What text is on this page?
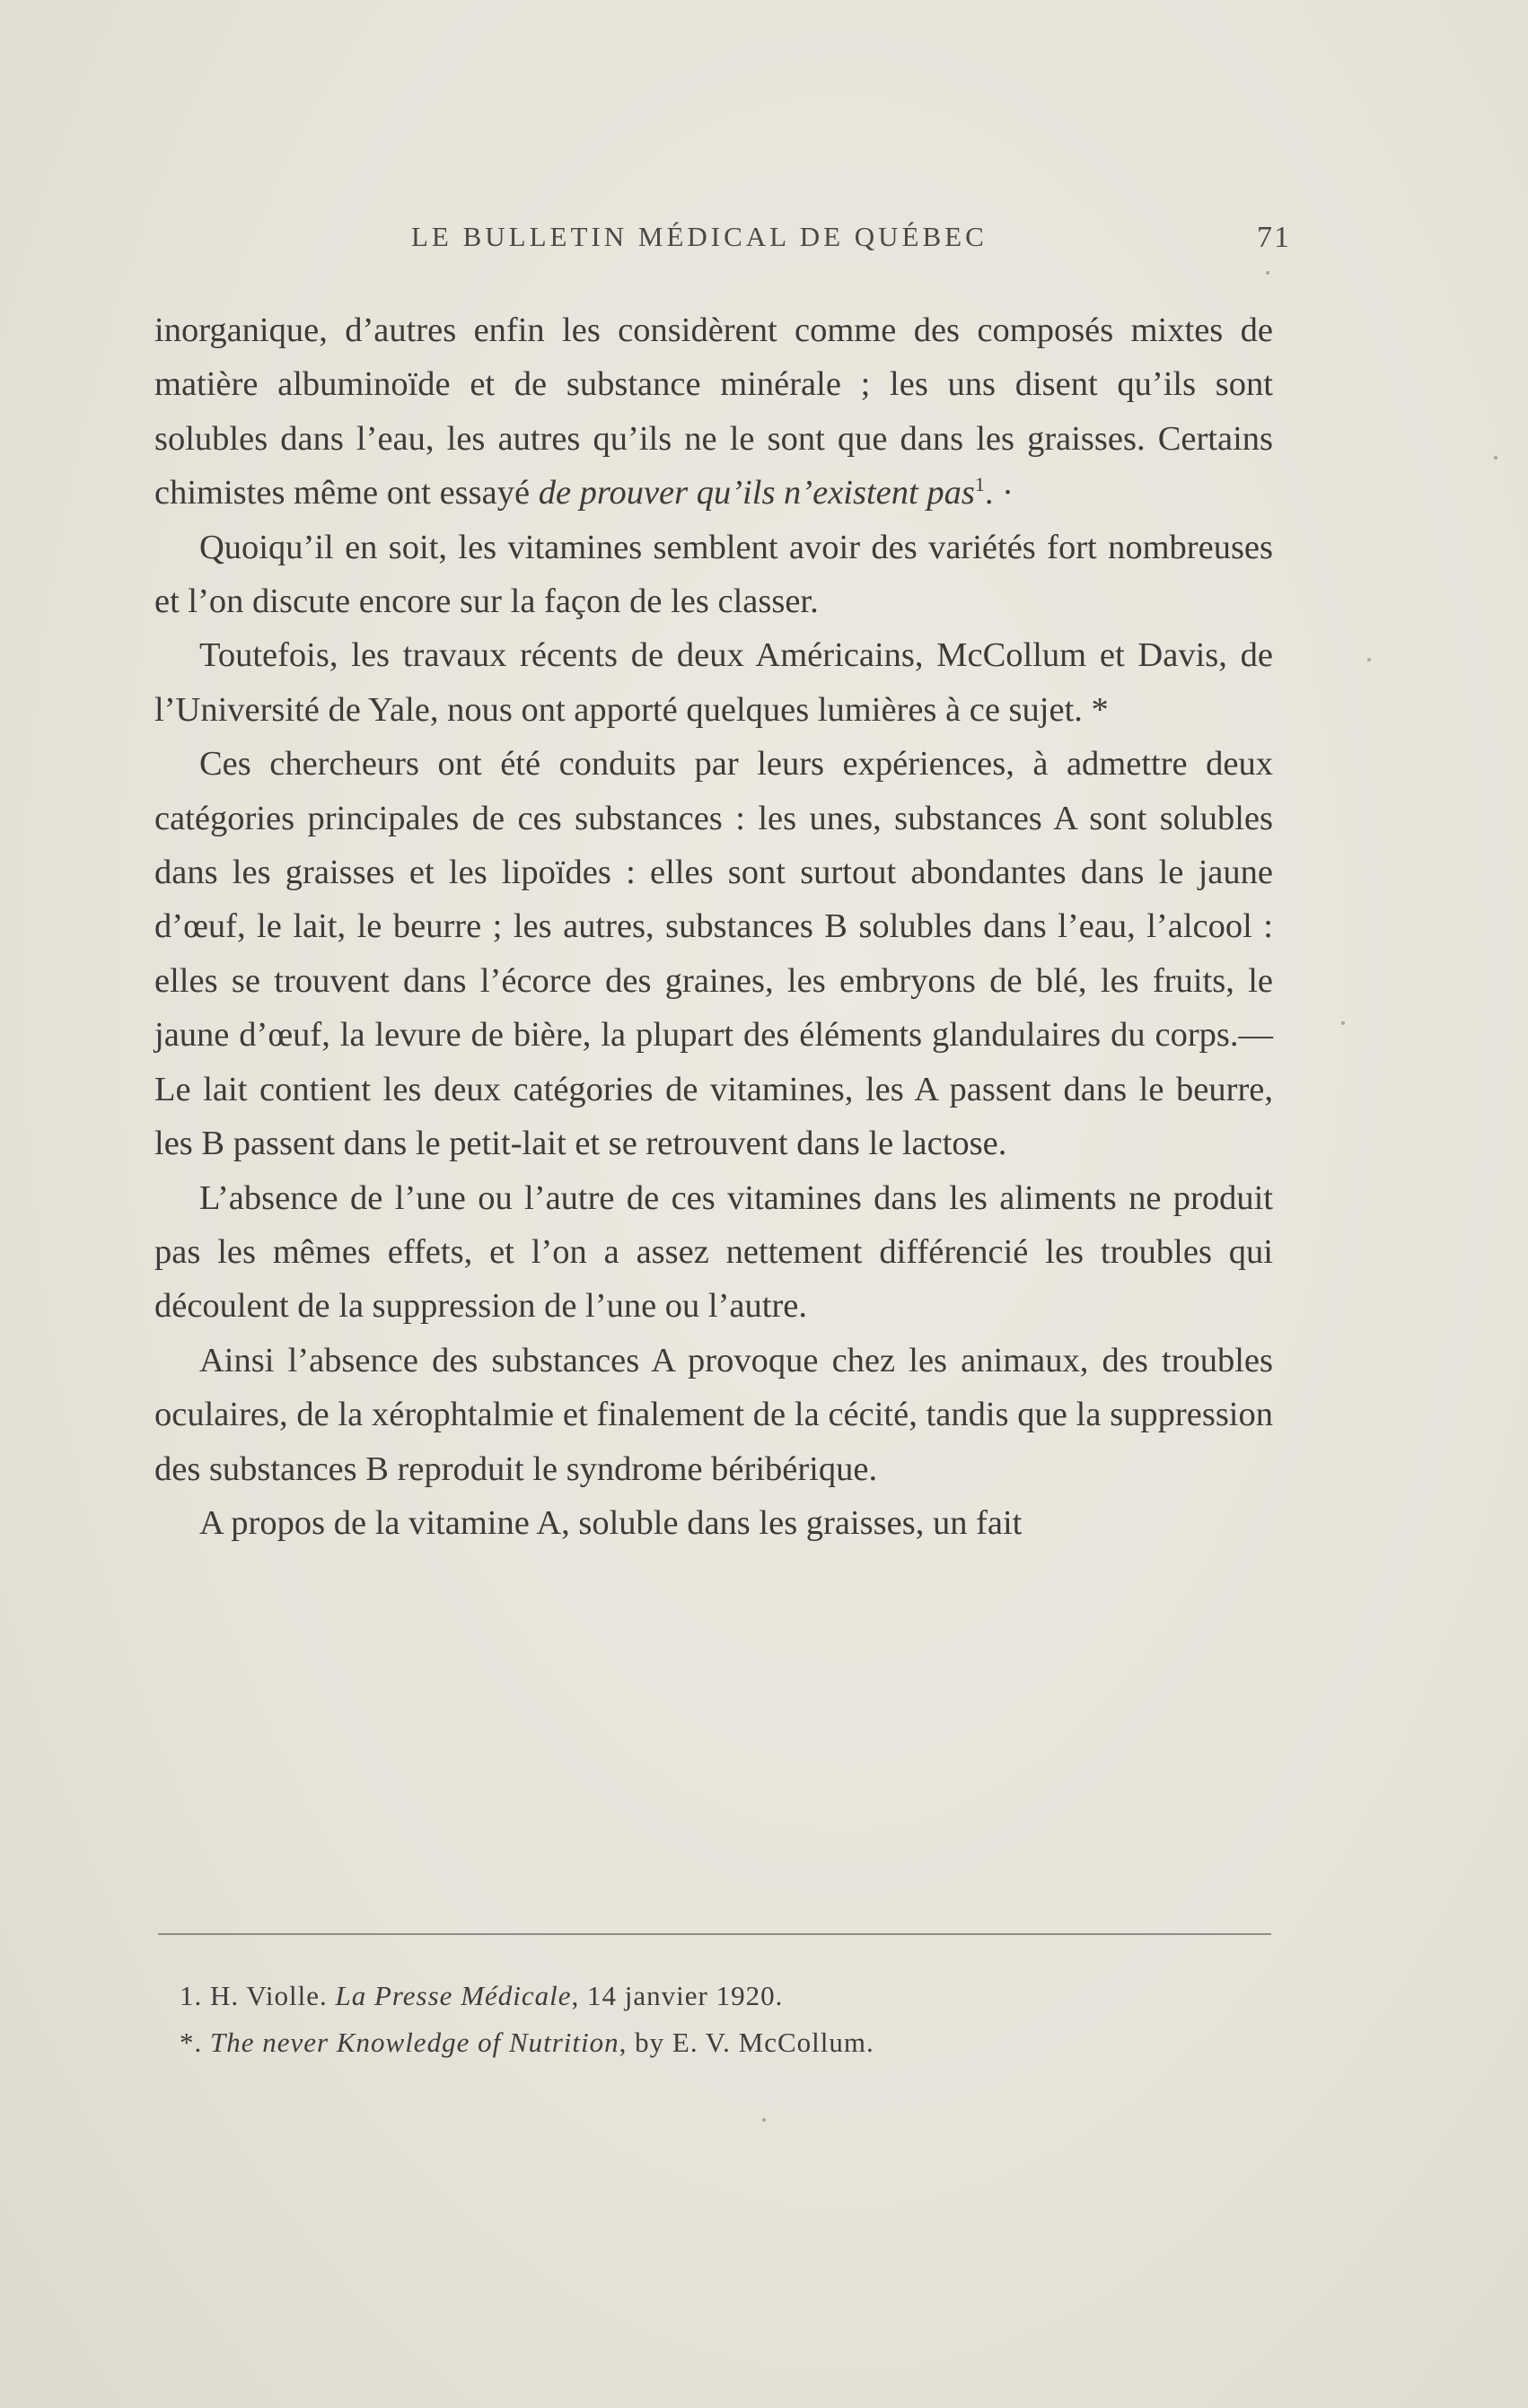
LE BULLETIN MÉDICAL DE QUÉBEC	71

inorganique, d’autres enfin les considèrent comme des composés mixtes de matière albuminoïde et de substance minérale ; les uns disent qu’ils sont solubles dans l’eau, les autres qu’ils ne le sont que dans les graisses. Certains chimistes même ont essayé de prouver qu’ils n’existent pas$^1$. ·

Quoiqu’il en soit, les vitamines semblent avoir des variétés fort nombreuses et l’on discute encore sur la façon de les classer.

Toutefois, les travaux récents de deux Américains, McCollum et Davis, de l’Université de Yale, nous ont apporté quelques lumières à ce sujet. *

Ces chercheurs ont été conduits par leurs expériences, à admettre deux catégories principales de ces substances : les unes, substances A sont solubles dans les graisses et les lipoïdes : elles sont surtout abondantes dans le jaune d’œuf, le lait, le beurre ; les autres, substances B solubles dans l’eau, l’alcool : elles se trouvent dans l’écorce des graines, les embryons de blé, les fruits, le jaune d’œuf, la levure de bière, la plupart des éléments glandulaires du corps.—Le lait contient les deux catégories de vitamines, les A passent dans le beurre, les B passent dans le petit-lait et se retrouvent dans le lactose.

L’absence de l’une ou l’autre de ces vitamines dans les aliments ne produit pas les mêmes effets, et l’on a assez nettement différencié les troubles qui découlent de la suppression de l’une ou l’autre.

Ainsi l’absence des substances A provoque chez les animaux, des troubles oculaires, de la xérophtalmie et finalement de la cécité, tandis que la suppression des substances B reproduit le syndrome béribérique.

A propos de la vitamine A, soluble dans les graisses, un fait

1. H. Violle. La Presse Médicale, 14 janvier 1920.
*. The never Knowledge of Nutrition, by E. V. McCollum.
